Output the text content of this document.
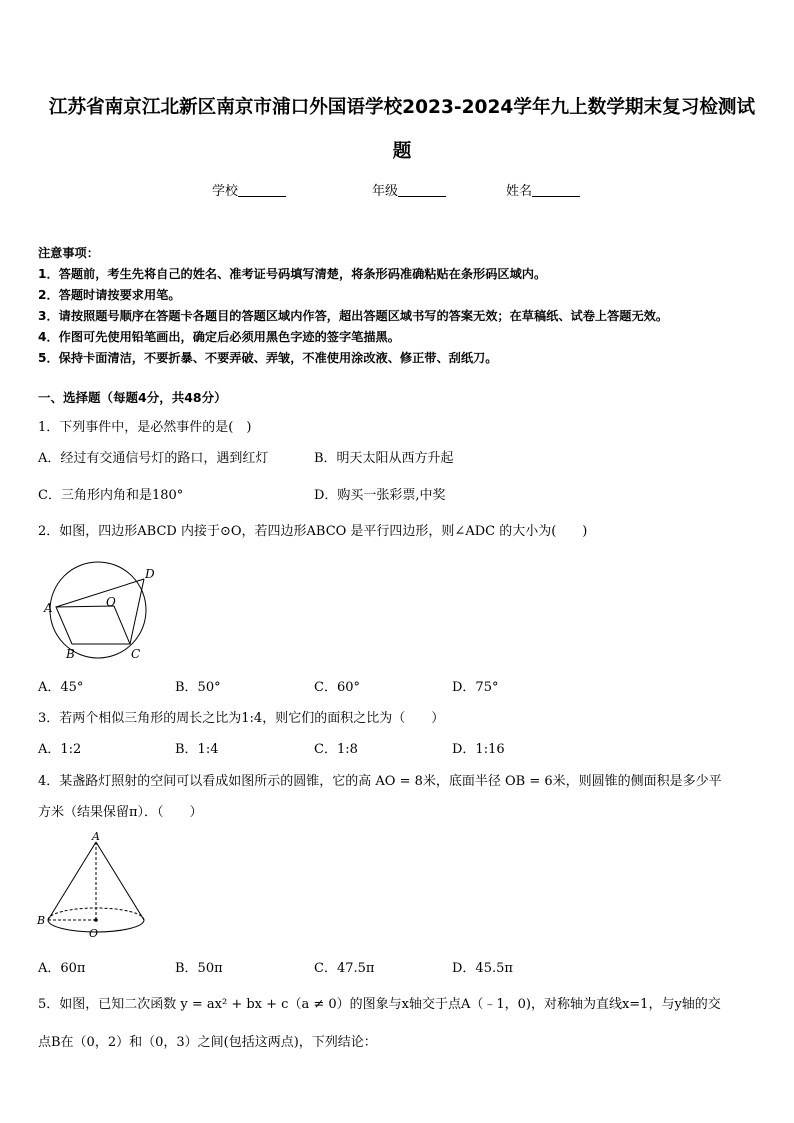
江苏省南京江北新区南京市浦口外国语学校2023-2024学年九上数学期末复习检测试题
学校	年级	姓名
注意事项：
1．答题前，考生先将自己的姓名、准考证号码填写清楚，将条形码准确粘贴在条形码区域内。
2．答题时请按要求用笔。
3．请按照题号顺序在答题卡各题目的答题区域内作答，超出答题区域书写的答案无效；在草稿纸、试卷上答题无效。
4．作图可先使用铅笔画出，确定后必须用黑色字迹的签字笔描黑。
5．保持卡面清洁，不要折暴、不要弄破、弄皱，不准使用涂改液、修正带、刮纸刀。
一、选择题（每题4分，共48分）
1．下列事件中，是必然事件的是(　)
A．经过有交通信号灯的路口，遇到红灯	B．明天太阳从西方升起
C．三角形内角和是180°	D．购买一张彩票,中奖
2．如图，四边形ABCD 内接于⊙O，若四边形ABCO 是平行四边形，则∠ADC 的大小为(　　)
A
B	C
D
O
A．45°	B．50°	C．60°	D．75°
3．若两个相似三角形的周长之比为1:4，则它们的面积之比为（　　）
A．1:2	B．1:4	C．1:8	D．1:16
4．某盏路灯照射的空间可以看成如图所示的圆锥，它的高 AO = 8米，底面半径 OB = 6米，则圆锥的侧面积是多少平
方米（结果保留π）．（　　）
A
B
O
A．60π	B．50π	C．47.5π	D．45.5π
5．如图，已知二次函数 y = ax² + bx + c（a ≠ 0）的图象与x轴交于点A（﹣1，0)，对称轴为直线x=1，与y轴的交
点B在（0，2）和（0，3）之间(包括这两点)，下列结论：
